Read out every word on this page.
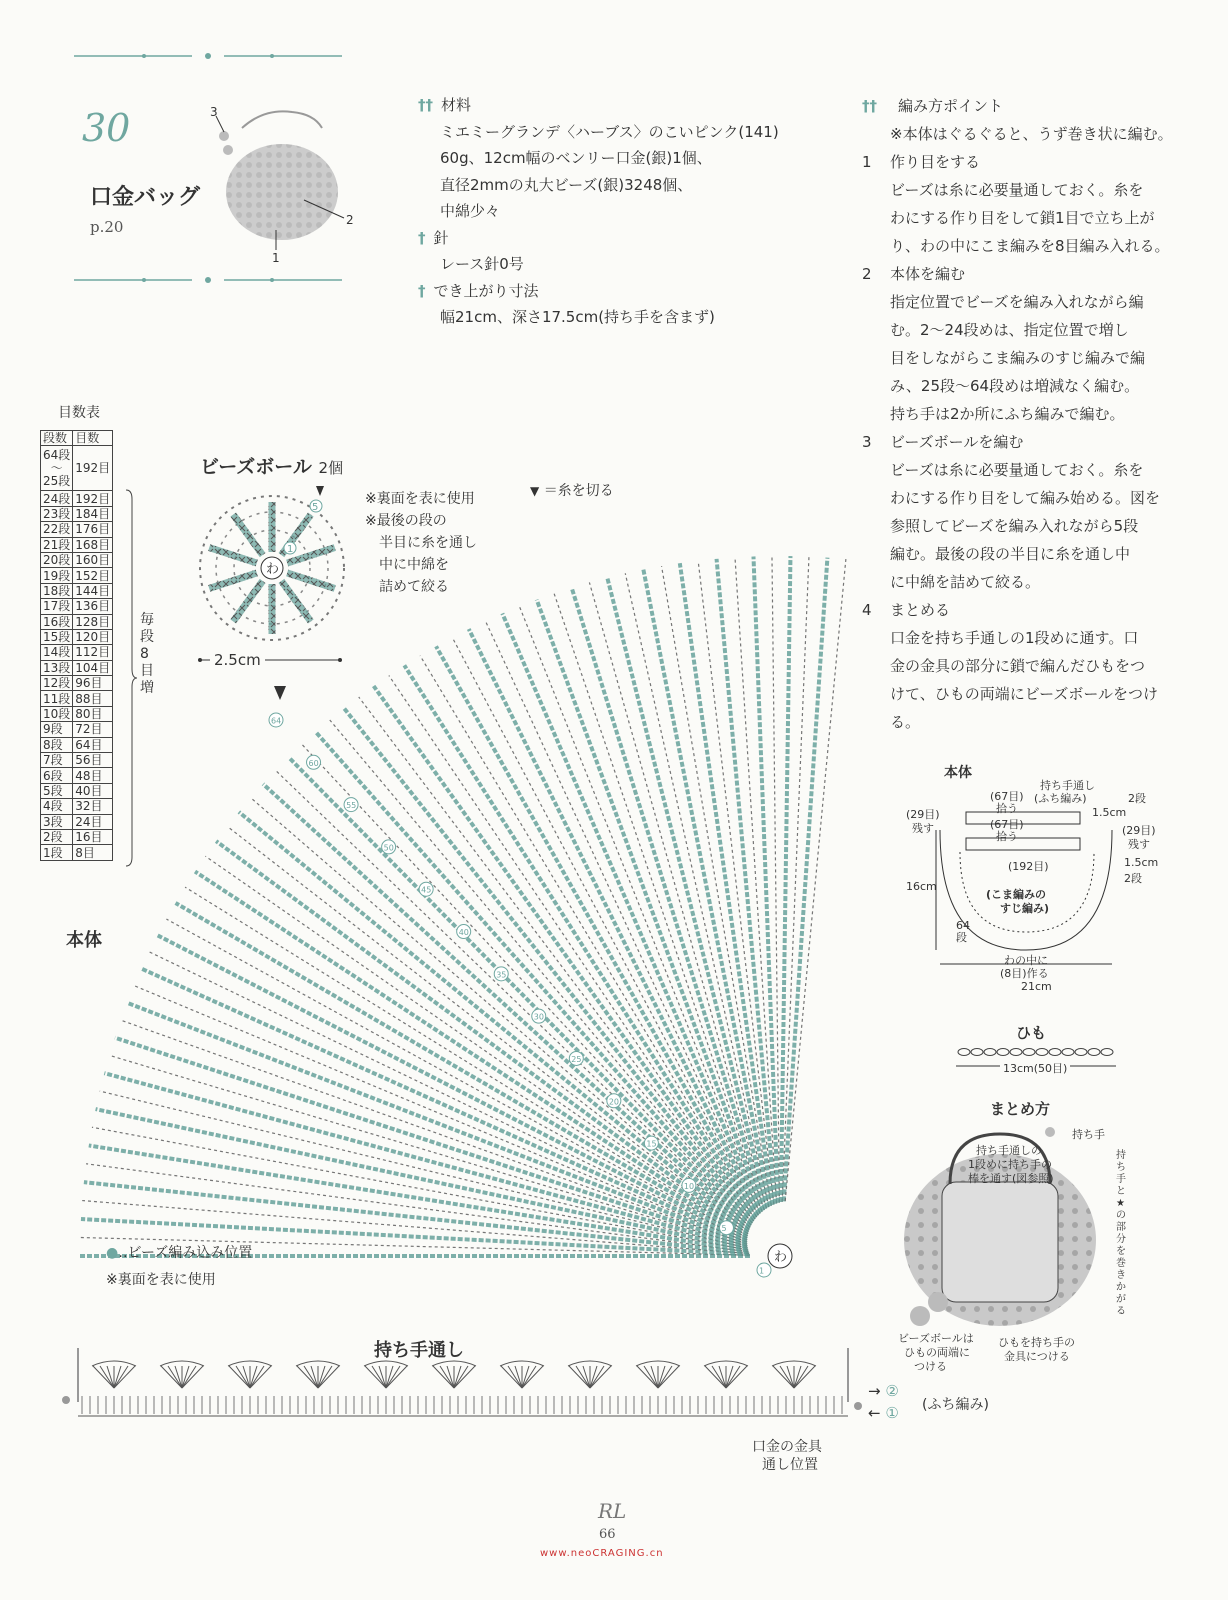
30
口金バッグ
p.20
3
2
1
†† 材料
ミエミーグランデ〈ハーブス〉のこいピンク(141)
60g、12cm幅のベンリー口金(銀)1個、
直径2mmの丸大ビーズ(銀)3248個、
中綿少々
† 針
レース針0号
† でき上がり寸法
幅21cm、深さ17.5cm(持ち手を含まず)
††	編み方ポイント
※本体はぐるぐると、うず巻き状に編む。
1	作り目をする
ビーズは糸に必要量通しておく。糸を
わにする作り目をして鎖1目で立ち上が
り、わの中にこま編みを8目編み入れる。
2	本体を編む
指定位置でビーズを編み入れながら編
む。2～24段めは、指定位置で増し
目をしながらこま編みのすじ編みで編
み、25段～64段めは増減なく編む。
持ち手は2か所にふち編みで編む。
3	ビーズボールを編む
ビーズは糸に必要量通しておく。糸を
わにする作り目をして編み始める。図を
参照してビーズを編み入れながら5段
編む。最後の段の半目に糸を通し中
に中綿を詰めて絞る。
4	まとめる
口金を持ち手通しの1段めに通す。口
金の金具の部分に鎖で編んだひもをつ
けて、ひもの両端にビーズボールをつけ
る。
目数表
段数	目数

64段
〜
25段	192目
24段	192目
23段	184目
22段	176目
21段	168目
20段	160目
19段	152目
18段	144目
17段	136目
16段	128目
15段	120目
14段	112目
13段	104目
12段	96目
11段	88目
10段	80目
9段	72目
8段	64目
7段	56目
6段	48目
5段	40目
4段	32目
3段	24目
2段	16目
1段	8目
毎段8目増
ビーズボール 2個
わ
5
1
2.5cm
※裏面を表に使用
※最後の段の
半目に糸を通し
中に中綿を
詰めて絞る
▼ ＝糸を切る
本体
わ
64
60
55
50
45
40
35
30
25
20
15
10
5
1
●‥ビーズ編み込み位置
※裏面を表に使用
持ち手通し
→ ②
← ① (ふち編み)
口金の金具
通し位置
本体
持ち手通し
(ふち編み)
(67目)
拾う
(67目)
拾う
2段
1.5cm
1.5cm
2段
(29目)
残す	(29目)
残す
(192目)
16cm
(こま編みの
すじ編み)
64段
わの中に
(8目)作る
21cm
ひも
13cm(50目)
まとめ方
持ち手
持ち手通しの
1段めに持ち手の
棒を通す(図参照)
持ち手と★の部分を巻きかがる
ビーズボールは
ひもの両端に
つける
ひもを持ち手の
金具につける
RL
66
www.neoCRAGING.cn
